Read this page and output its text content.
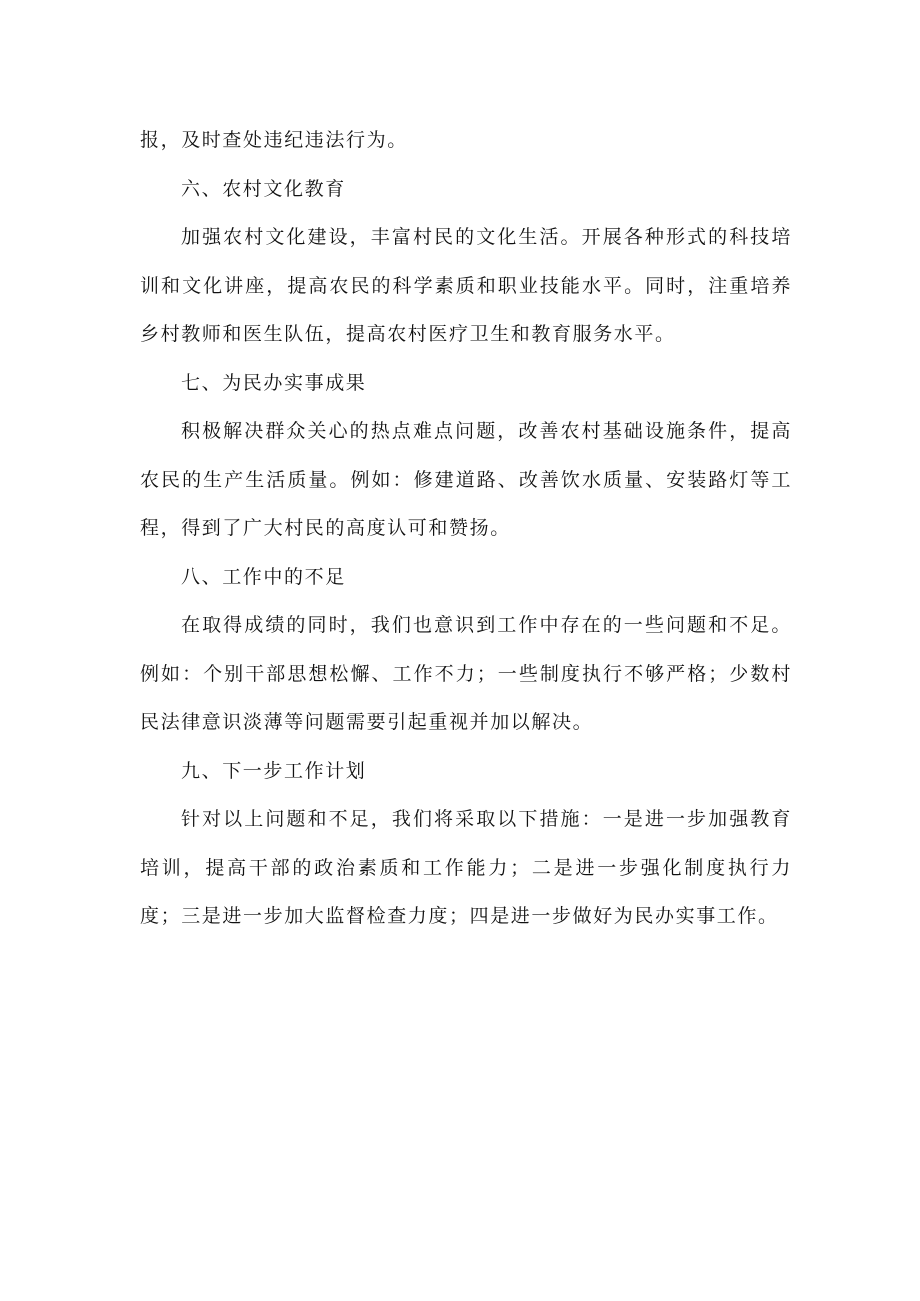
报，及时查处违纪违法行为。

六、农村文化教育

加强农村文化建设，丰富村民的文化生活。开展各种形式的科技培训和文化讲座，提高农民的科学素质和职业技能水平。同时，注重培养乡村教师和医生队伍，提高农村医疗卫生和教育服务水平。

七、为民办实事成果

积极解决群众关心的热点难点问题，改善农村基础设施条件，提高农民的生产生活质量。例如：修建道路、改善饮水质量、安装路灯等工程，得到了广大村民的高度认可和赞扬。

八、工作中的不足

在取得成绩的同时，我们也意识到工作中存在的一些问题和不足。例如：个别干部思想松懈、工作不力；一些制度执行不够严格；少数村民法律意识淡薄等问题需要引起重视并加以解决。

九、下一步工作计划

针对以上问题和不足，我们将采取以下措施：一是进一步加强教育培训，提高干部的政治素质和工作能力；二是进一步强化制度执行力度；三是进一步加大监督检查力度；四是进一步做好为民办实事工作。
